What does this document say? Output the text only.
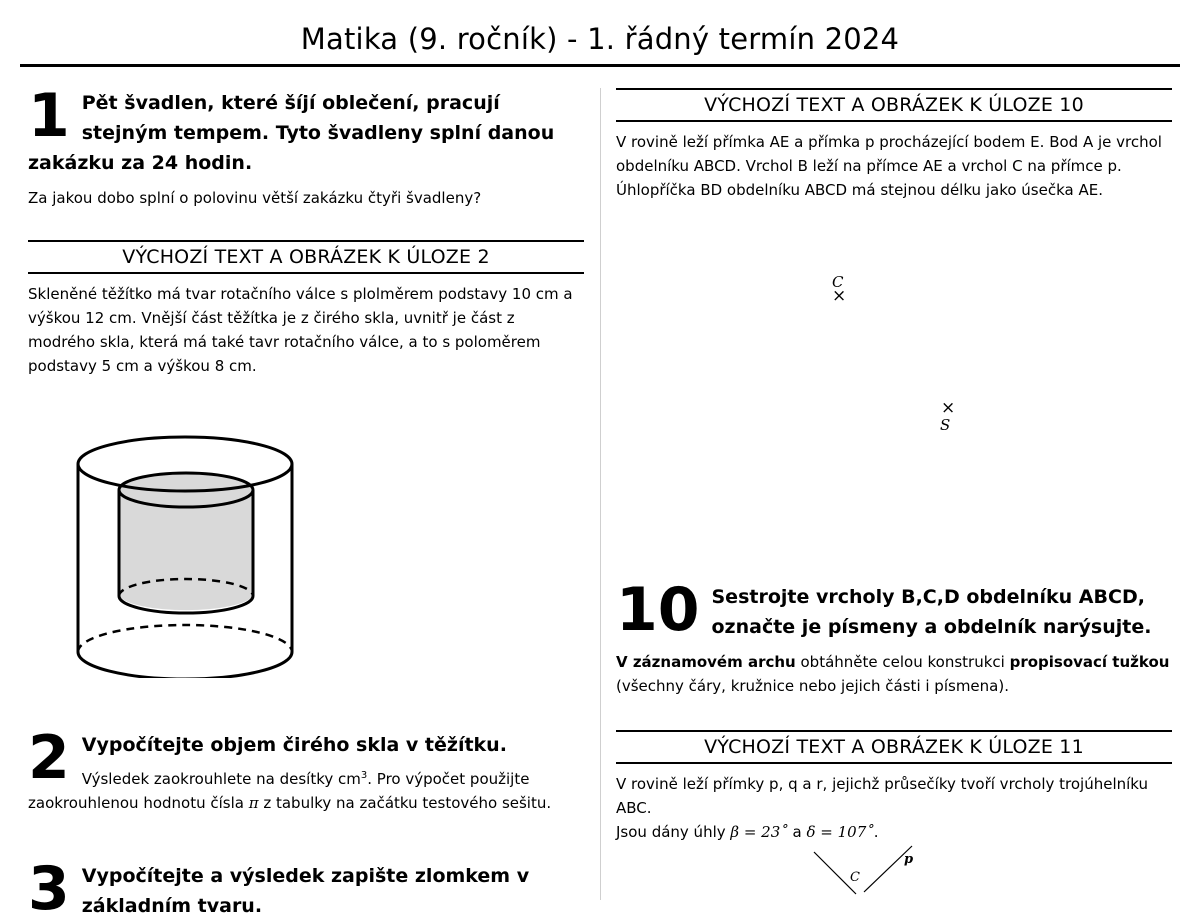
Matika (9. ročník) - 1. řádný termín 2024
1 Pět švadlen, které šíjí oblečení, pracují stejným tempem. Tyto švadleny splní danou zakázku za 24 hodin.
Za jakou dobo splní o polovinu větší zakázku čtyři švadleny?
VÝCHOZÍ TEXT A OBRÁZEK K ÚLOZE 2
Skleněné těžítko má tvar rotačního válce s plolměrem podstavy 10 cm a výškou 12 cm. Vnější část těžítka je z čirého skla, uvnitř je část z modrého skla, která má také tavr rotačního válce, a to s poloměrem podstavy 5 cm a výškou 8 cm.
2 Vypočítejte objem čirého skla v těžítku.
Výsledek zaokrouhlete na desítky $cm^3$. Pro výpočet použijte zaokrouhlenou hodnotu čísla π z tabulky na začátku testového sešitu.
3 Vypočítejte a výsledek zapište zlomkem v základním tvaru.
VÝCHOZÍ TEXT A OBRÁZEK K ÚLOZE 10
V rovině leží přímka AE a přímka p procházející bodem E. Bod A je vrchol obdelníku ABCD. Vrchol B leží na přímce AE a vrchol C na přímce p. Úhlopříčka BD obdelníku ABCD má stejnou délku jako úsečka AE.
C
×
×
S
10 Sestrojte vrcholy B,C,D obdelníku ABCD, označte je písmeny a obdelník narýsujte.
V záznamovém archu obtáhněte celou konstrukci propisovací tužkou (všechny čáry, kružnice nebo jejich části i písmena).
VÝCHOZÍ TEXT A OBRÁZEK K ÚLOZE 11
V rovině leží přímky p, q a r, jejichž průsečíky tvoří vrcholy trojúhelníku ABC.
Jsou dány úhly β = 23˚ a δ = 107˚.
p
C
